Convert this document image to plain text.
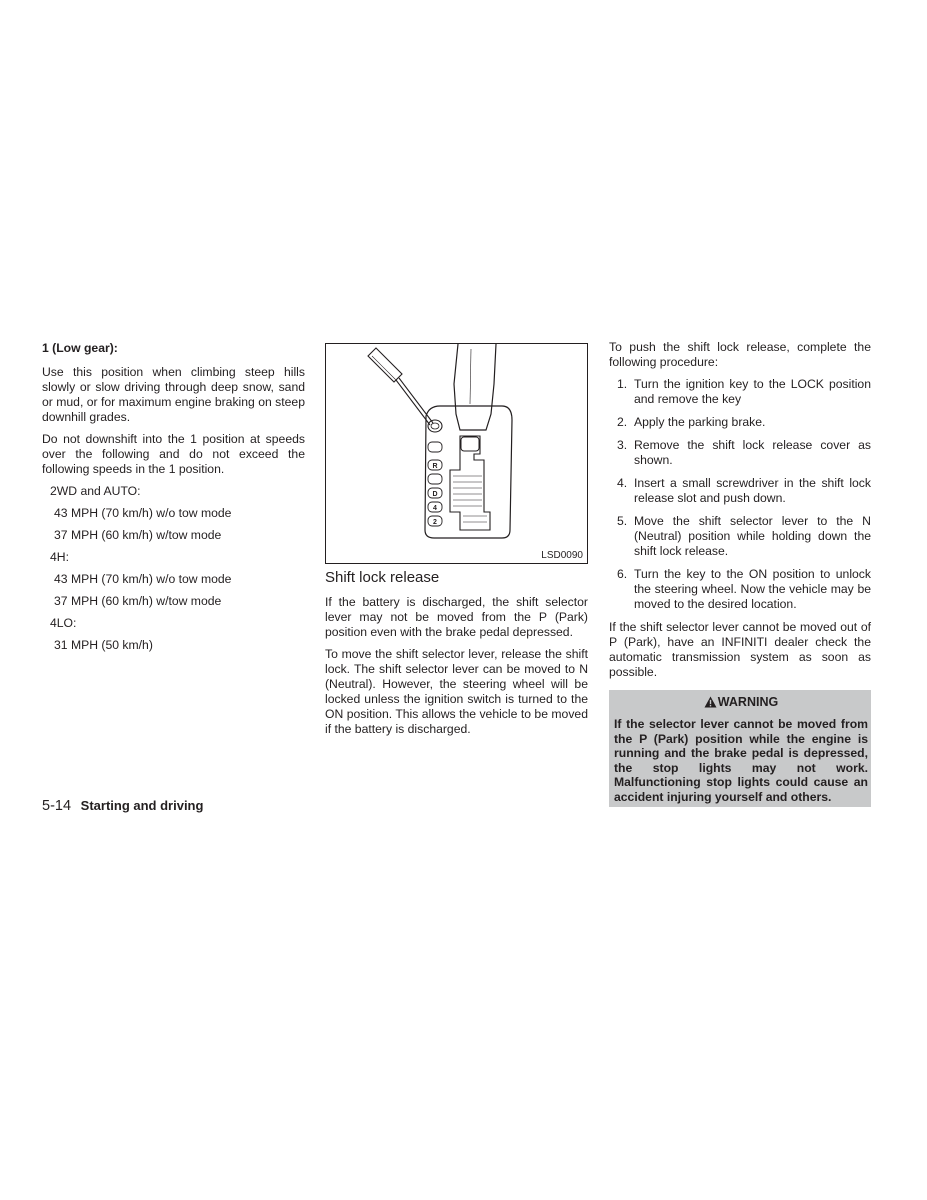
1 (Low gear):

Use this position when climbing steep hills slowly or slow driving through deep snow, sand or mud, or for maximum engine braking on steep downhill grades.

Do not downshift into the 1 position at speeds over the following and do not exceed the following speeds in the 1 position.

2WD and AUTO:
43 MPH (70 km/h) w/o tow mode
37 MPH (60 km/h) w/tow mode
4H:
43 MPH (70 km/h) w/o tow mode
37 MPH (60 km/h) w/tow mode
4LO:
31 MPH (50 km/h)
R
D
4
2
LSD0090
Shift lock release

If the battery is discharged, the shift selector lever may not be moved from the P (Park) position even with the brake pedal depressed.

To move the shift selector lever, release the shift lock. The shift selector lever can be moved to N (Neutral). However, the steering wheel will be locked unless the ignition switch is turned to the ON position. This allows the vehicle to be moved if the battery is discharged.

To push the shift lock release, complete the following procedure:

1. Turn the ignition key to the LOCK position and remove the key
2. Apply the parking brake.
3. Remove the shift lock release cover as shown.
4. Insert a small screwdriver in the shift lock release slot and push down.
5. Move the shift selector lever to the N (Neutral) position while holding down the shift lock release.
6. Turn the key to the ON position to unlock the steering wheel. Now the vehicle may be moved to the desired location.

If the shift selector lever cannot be moved out of P (Park), have an INFINITI dealer check the automatic transmission system as soon as possible.

WARNING
If the selector lever cannot be moved from the P (Park) position while the engine is running and the brake pedal is depressed, the stop lights may not work. Malfunctioning stop lights could cause an accident injuring yourself and others.
5-14 Starting and driving
